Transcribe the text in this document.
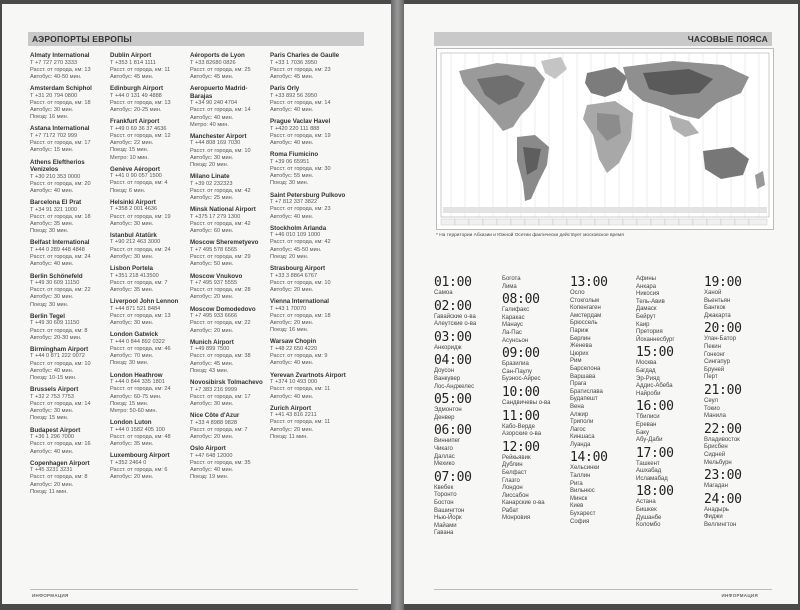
АЭРОПОРТЫ ЕВРОПЫ
Almaty International
Т +7 727 270 3333
Расст. от города, км: 13
Автобус: 40-50 мин.
Amsterdam Schiphol
Т +31 20 794 0800
Расст. от города, км: 18
Автобус: 30 мин.
Поезд: 16 мин.
Astana International
Т +7 7172 702 999
Расст. от города, км: 17
Автобус: 15 мин.
Athens Eleftherios Venizelos
Т +30 210 353 0000
Расст. от города, км: 20
Автобус: 40 мин.
Barcelona El Prat
Т +34 91 321 1000
Расст. от города, км: 18
Автобус: 35 мин.
Поезд: 30 мин.
Belfast International
Т +44 0 289 448 4848
Расст. от города, км: 24
Автобус: 40 мин.
Berlin Schönefeld
Т +49 30 609 11150
Расст. от города, км: 22
Автобус: 30 мин.
Поезд: 30 мин.
Berlin Tegel
Т +49 30 609 11150
Расст. от города, км: 8
Автобус: 20-30 мин.
Birmingham Airport
Т +44 0 871 222 0072
Расст. от города, км: 10
Автобус: 40 мин.
Поезд: 10-15 мин.
Brussels Airport
Т +32 2 753 7753
Расст. от города, км: 14
Автобус: 30 мин.
Поезд: 15 мин.
Budapest Airport
Т +36 1 296 7000
Расст. от города, км: 16
Автобус: 40 мин.
Copenhagen Airport
Т +45 3231 3231
Расст. от города, км: 8
Автобус: 20 мин.
Поезд: 11 мин.
Dublin Airport
Т +353 1 814 1111
Расст. от города, км: 11
Автобус: 45 мин.
Edinburgh Airport
Т +44 0 131 49 4888
Расст. от города, км: 13
Автобус: 20-25 мин.
Frankfurt Airport
Т +49 0 69 36 37 4636
Расст. от города, км: 12
Автобус: 22 мин.
Поезд: 15 мин.
Метро: 10 мин.
Genève Aéroport
Т +41 0 90 057 1500
Расст. от города, км: 4
Поезд: 6 мин.
Helsinki Airport
Т +358 2 001 4636
Расст. от города, км: 19
Автобус: 30 мин.
Istanbul Atatürk
Т +90 212 463 3000
Расст. от города, км: 24
Автобус: 30 мин.
Lisbon Portela
Т +351 218 413500
Расст. от города, км: 7
Автобус: 35 мин.
Liverpool John Lennon
Т +44 871 521 8484
Расст. от города, км: 13
Автобус: 30 мин.
London Gatwick
Т +44 0 844 892 0322
Расст. от города, км: 46
Автобус: 70 мин.
Поезд: 30 мин.
London Heathrow
Т +44 0 844 335 1801
Расст. от города, км: 24
Автобус: 60-75 мин.
Поезд: 15 мин.
Метро: 50-60 мин.
London Luton
Т +44 0 1582 405 100
Расст. от города, км: 48
Автобус: 35 мин.
Luxembourg Airport
Т +352 2464 0
Расст. от города, км: 6
Автобус: 20 мин.
Aéroports de Lyon
Т +33 82680 0826
Расст. от города, км: 25
Автобус: 45 мин.
Aeropuerto Madrid-Barajas
Т +34 90 240 4704
Расст. от города, км: 14
Автобус: 40 мин.
Метро: 40 мин.
Manchester Airport
Т +44 808 169 7030
Расст. от города, км: 10
Автобус: 30 мин.
Поезд: 20 мин.
Milano Linate
Т +39 02 232323
Расст. от города, км: 42
Автобус: 25 мин.
Minsk National Airport
Т +375 17 279 1300
Расст. от города, км: 42
Автобус: 60 мин.
Moscow Sheremetyevo
Т +7 495 578 6565
Расст. от города, км: 29
Автобус: 50 мин.
Moscow Vnukovo
Т +7 495 937 5555
Расст. от города, км: 28
Автобус: 20 мин.
Moscow Domodedovo
Т +7 495 933 6666
Расст. от города, км: 22
Автобус: 20 мин.
Munich Airport
Т +49 899 7500
Расст. от города, км: 38
Автобус: 45 мин.
Поезд: 43 мин.
Novosibirsk Tolmachevo
Т +7 383 216 9999
Расст. от города, км: 17
Автобус: 30 мин.
Nice Côte d'Azur
Т +33 4 8988 9828
Расст. от города, км: 7
Автобус: 20 мин.
Oslo Airport
Т +47 648 12000
Расст. от города, км: 35
Автобус: 40 мин.
Поезд: 19 мин.
Paris Charles de Gaulle
Т +33 1 7036 3950
Расст. от города, км: 23
Автобус: 45 мин.
Paris Orly
Т +33 892 56 3950
Расст. от города, км: 14
Автобус: 40 мин.
Prague Vaclav Havel
Т +420 220 111 888
Расст. от города, км: 19
Автобус: 40 мин.
Roma Fiumicino
Т +39 06 65951
Расст. от города, км: 30
Автобус: 55 мин.
Поезд: 30 мин.
Saint Petersburg Pulkovo
Т +7 812 337 3822
Расст. от города, км: 23
Автобус: 40 мин.
Stockholm Arlanda
Т +46 010 109 1000
Расст. от города, км: 42
Автобус: 45-50 мин.
Поезд: 20 мин.
Strasbourg Airport
Т +33 3 8864 6767
Расст. от города, км: 10
Автобус: 20 мин.
Vienna International
Т +43 1 70070
Расст. от города, км: 18
Автобус: 20 мин.
Поезд: 16 мин.
Warsaw Chopin
Т +48 22 650 4220
Расст. от города, км: 9
Автобус: 40 мин.
Yerevan Zvartnots Airport
Т +374 10 493 000
Расст. от города, км: 11
Автобус: 40 мин.
Zurich Airport
Т +41 43 816 2211
Расст. от города, км: 11
Автобус: 20 мин.
Поезд: 11 мин.
ИНФОРМАЦИЯ
ЧАСОВЫЕ ПОЯСА
* На территории Абхазии и Южной Осетии фактически действует московское время
01:00
Самоа
02:00
Гавайские о-ва
Алеутские о-ва
03:00
Анкоридж
04:00
Доусон
Ванкувер
Лос-Анджелес
05:00
Эдмонтон
Денвер
06:00
Виннипег
Чикаго
Даллас
Мехико
07:00
Квебек
Торонто
Бостон
Вашингтон
Нью-Йорк
Майами
Гавана
Богота
Лима
08:00
Галифакс
Каракас
Манаус
Ла-Пас
Асунсьон
09:00
Бразилиа
Сан-Паулу
Буэнос-Айрес
10:00
Сандвичевы о-ва
11:00
Кабо-Верде
Азорские о-ва
12:00
Рейкьявик
Дублин
Белфаст
Глазго
Лондон
Лиссабон
Канарские о-ва
Рабат
Монровия
13:00
Осло
Стокгольм
Копенгаген
Амстердам
Брюссель
Париж
Берлин
Женева
Цюрих
Рим
Барселона
Варшава
Прага
Братислава
Будапешт
Вена
Алжир
Триполи
Лагос
Киншаса
Луанда
14:00
Хельсинки
Таллин
Рига
Вильнюс
Минск
Киев
Бухарест
София
Афины
Анкара
Никосия
Тель-Авив
Дамаск
Бейрут
Каир
Претория
Йоханнесбург
15:00
Москва
Багдад
Эр-Рияд
Аддис-Абеба
Найроби
16:00
Тбилиси
Ереван
Баку
Абу-Даби
17:00
Ташкент
Ашхабад
Исламабад
18:00
Астана
Бишкек
Душанбе
Коломбо
19:00
Ханой
Вьентьян
Бангкок
Джакарта
20:00
Улан-Батор
Пекин
Гонконг
Сингапур
Бруней
Перт
21:00
Сеул
Токио
Манила
22:00
Владивосток
Брисбен
Сидней
Мельбурн
23:00
Магадан
24:00
Анадырь
Фиджи
Веллингтон
ИНФОРМАЦИЯ
